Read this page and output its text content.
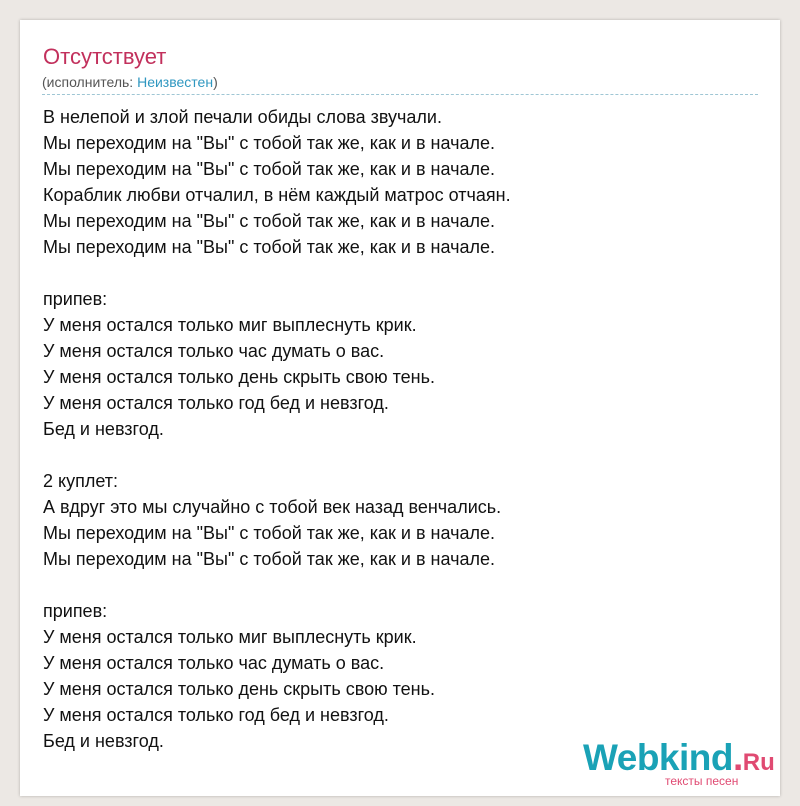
Отсутствует
(исполнитель: Неизвестен)
В нелепой и злой печали обиды слова звучали.
Мы переходим на "Вы" с тобой так же, как и в начале.
Мы переходим на "Вы" с тобой так же, как и в начале.
Кораблик любви отчалил, в нём каждый матрос отчаян.
Мы переходим на "Вы" с тобой так же, как и в начале.
Мы переходим на "Вы" с тобой так же, как и в начале.
припев:
У меня остался только миг выплеснуть крик.
У меня остался только час думать о вас.
У меня остался только день скрыть свою тень.
У меня остался только год бед и невзгод.
Бед и невзгод.
2 куплет:
А вдруг это мы случайно с тобой век назад венчались.
Мы переходим на "Вы" с тобой так же, как и в начале.
Мы переходим на "Вы" с тобой так же, как и в начале.
припев:
У меня остался только миг выплеснуть крик.
У меня остался только час думать о вас.
У меня остался только день скрыть свою тень.
У меня остался только год бед и невзгод.
Бед и невзгод.	Webkind.Ru
тексты песен
